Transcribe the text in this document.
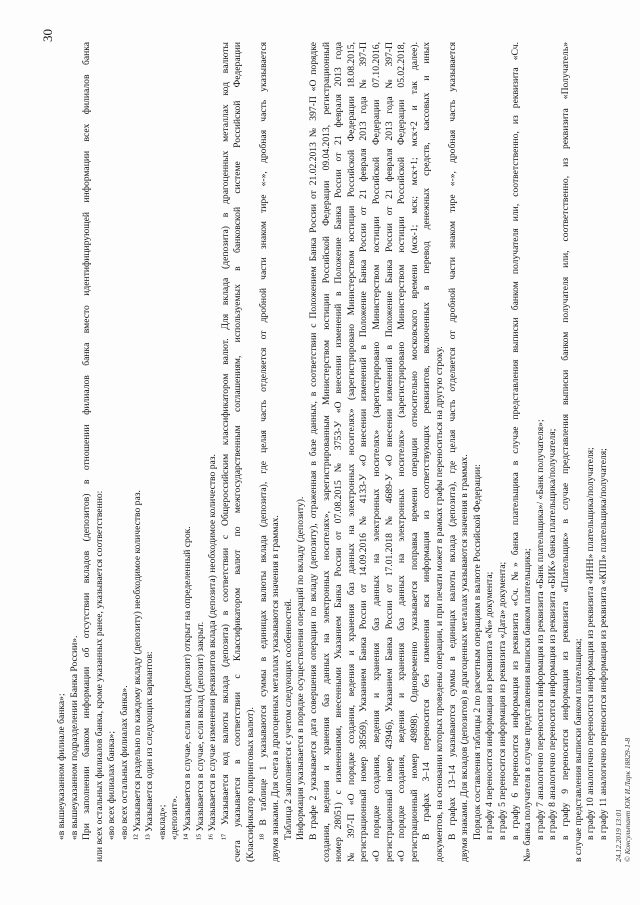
30
«в вышеуказанном филиале банка»; «в вышеуказанном подразделении Банка России». При заполнении банком информации об отсутствии вкладов (депозитов) в отношении филиалов банка вместо идентифицирующей информации всех филиалов банка или всех остальных филиалов банка, кроме указанных ранее, указывается соответственно: «во всех филиалах банка»; «во всех остальных филиалах банка». ¹² Указывается раздельно по каждому вкладу (депозиту) необходимое количество раз. ¹³ Указывается один из следующих вариантов: «вклад»; «депозит». ¹⁴ Указывается в случае, если вклад (депозит) открыт на определенный срок. ¹⁵ Указывается в случае, если вклад (депозит) закрыт. ¹⁶ Указывается в случае изменения реквизитов вклада (депозита) необходимое количество раз. ¹⁷ Указывается код валюты вклада (депозита) в соответствии с Общероссийским классификатором валют. Для вклада (депозита) в драгоценных металлах код валюты счета указывается в соответствии с Классификатором валют по межгосударственным соглашениям, используемых в банковской системе Российской Федерации (Классификатор клиринговых валют). ¹⁸ В таблице 1 указываются суммы в единицах валюты вклада (депозита), где целая часть отделяется от дробной части знаком тире «-», дробная часть указывается двумя знаками. Для счета в драгоценных металлах указываются значения в граммах. Таблица 2 заполняется с учетом следующих особенностей. Информация указывается в порядке осуществления операций по вкладу (депозиту). В графе 2 указывается дата совершения операции по вкладу (депозиту), отраженная в базе данных, в соответствии с Положением Банка России от 21.02.2013 № 397-П «О порядке создания, ведения и хранения баз данных на электронных носителях», зарегистрированным Министерством юстиции Российской Федерации 09.04.2013, регистрационный номер 28051) с изменениями, внесенными Указанием Банка России от 07.08.2015 № 3753-У «О внесении изменений в Положение Банка России от 21 февраля 2013 года № 397-П «О порядке создания, ведения и хранения баз данных на электронных носителях» (зарегистрировано Министерством юстиции Российской Федерации 18.08.2015, регистрационный номер 38569), Указанием Банка России от 14.09.2016 № 4133-У «О внесении изменений в Положение Банка России от 21 февраля 2013 года № 397-П «О порядке создания, ведения и хранения баз данных на электронных носителях» (зарегистрировано Министерством юстиции Российской Федерации 07.10.2016, регистрационный номер 43946), Указанием Банка России от 17.01.2018 № 4689-У «О внесении изменений в Положение Банка России от 21 февраля 2013 года № 397-П «О порядке создания, ведения и хранения баз данных на электронных носителях» (зарегистрировано Министерством юстиции Российской Федерации 05.02.2018, регистрационный номер 49898). Одновременно указывается поправка времени операции относительно московского времени (мск-1; мск; мск+1; мск+2 и так далее). В графах 3–14 переносится без изменения вся информация из соответствующих реквизитов, включенных в перевод денежных средств, кассовых и иных документов, на основании которых проведены операции, и при печати может в рамках графы переноситься на другую строку. В графах 13–14 указываются суммы в единицах валюты вклада (депозита), где целая часть отделяется от дробной части знаком тире «-», дробная часть указывается двумя знаками. Для вкладов (депозитов) в драгоценных металлах указываются значения в граммах. Порядок составления таблицы 2 по расчетным операциям в валюте Российской Федерации: в графу 4 переносится информация из реквизита «№» документа; в графу 5 переносится информация из реквизита «Дата» документа; в графу 6 переносится информация из реквизита «Сч. №» банка плательщика в случае представления выписки банком получателя или, соответственно, из реквизита «Сч. №» банка получателя в случае представления выписки банком плательщика; в графу 7 аналогично переносится информация из реквизита «Банк плательщика»/ «Банк получателя»; в графу 8 аналогично переносится информация из реквизита «БИК» банка плательщика/получателя; в графу 9 переносится информация из реквизита «Плательщик» в случае представления выписки банком получателя или, соответственно, из реквизита «Получатель» в случае представления выписки банком плательщика; в графу 10 аналогично переносится информация из реквизита «ИНН» плательщика/получателя; в графу 11 аналогично переносится информация из реквизита «КПП» плательщика/получателя; 24.12.2019 13:01 © Консультант ЮК И.Ларк 18829-1-8
